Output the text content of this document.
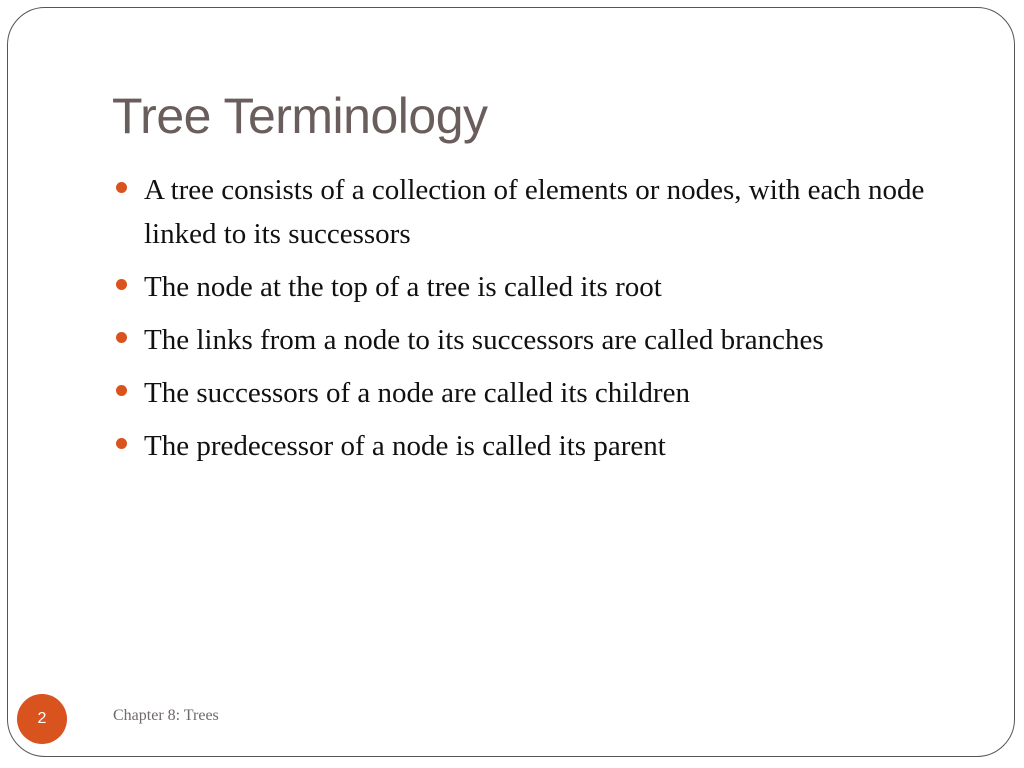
Tree Terminology
A tree consists of a collection of elements or nodes, with each node linked to its successors
The node at the top of a tree is called its root
The links from a node to its successors are called branches
The successors of a node are called its children
The predecessor of a node is called its parent
2	Chapter 8: Trees
